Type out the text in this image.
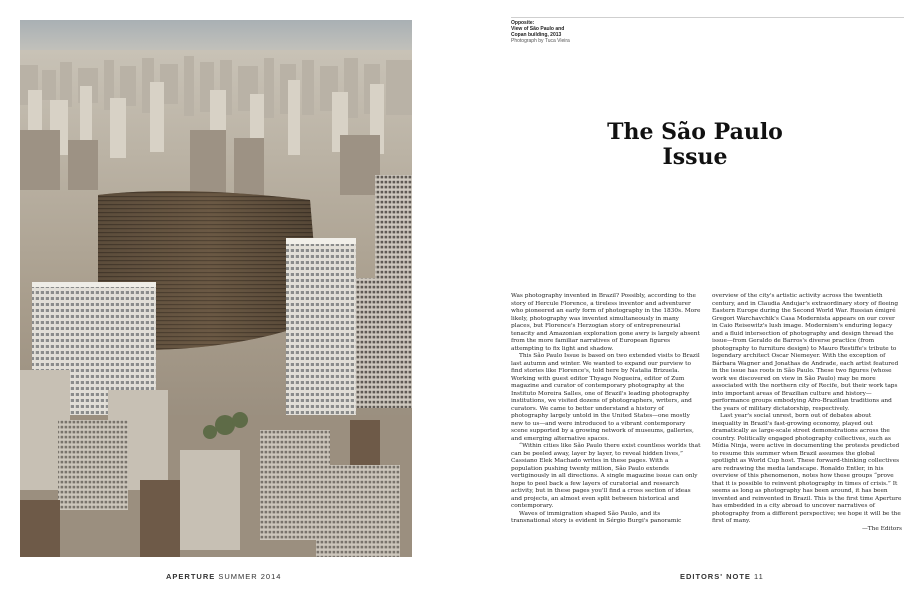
Opposite:
View of São Paulo and
Copan building, 2013
Photograph by Tuca Vieira
The São Paulo
Issue

Was photography invented in Brazil? Possibly, according to the story of Hercule Florence, a tireless inventor and adventurer who pioneered an early form of photography in the 1830s. More likely, photography was invented simultaneously in many places, but Florence's Herzogian story of entrepreneurial tenacity and Amazonian exploration gone awry is largely absent from the more familiar narratives of European figures attempting to fix light and shadow.

This São Paulo Issue is based on two extended visits to Brazil last autumn and winter. We wanted to expand our purview to find stories like Florence's, told here by Natalia Brizuela. Working with guest editor Thyago Nogueira, editor of Zum magazine and curator of contemporary photography at the Instituto Moreira Salles, one of Brazil's leading photography institutions, we visited dozens of photographers, writers, and curators. We came to better understand a history of photography largely untold in the United States—one mostly new to us—and were introduced to a vibrant contemporary scene supported by a growing network of museums, galleries, and emerging alternative spaces.

“Within cities like São Paulo there exist countless worlds that can be peeled away, layer by layer, to reveal hidden lives,” Cassiano Elek Machado writes in these pages. With a population pushing twenty million, São Paulo extends vertiginously in all directions. A single magazine issue can only hope to peel back a few layers of curatorial and research activity, but in these pages you'll find a cross section of ideas and projects, an almost even split between historical and contemporary.

Waves of immigration shaped São Paulo, and its transnational story is evident in Sérgio Burgi's panoramic

overview of the city's artistic activity across the twentieth century, and in Claudia Andujar's extraordinary story of fleeing Eastern Europe during the Second World War. Russian émigré Gregori Warchavchik's Casa Modernista appears on our cover in Caio Reisewitz's lush image. Modernism's enduring legacy and a fluid intersection of photography and design thread the issue—from Geraldo de Barros's diverse practice (from photography to furniture design) to Mauro Restiffe's tribute to legendary architect Oscar Niemeyer. With the exception of Bárbara Wagner and Jonathas de Andrade, each artist featured in the issue has roots in São Paulo. These two figures (whose work we discovered on view in São Paulo) may be more associated with the northern city of Recife, but their work taps into important areas of Brazilian culture and history—performance groups embodying Afro-Brazilian traditions and the years of military dictatorship, respectively.

Last year's social unrest, born out of debates about inequality in Brazil's fast-growing economy, played out dramatically as large-scale street demonstrations across the country. Politically engaged photography collectives, such as Mídia Ninja, were active in documenting the protests predicted to resume this summer when Brazil assumes the global spotlight as World Cup host. These forward-thinking collectives are redrawing the media landscape. Ronaldo Entler, in his overview of this phenomenon, notes how these groups “prove that it is possible to reinvent photography in times of crisis.” It seems as long as photography has been around, it has been invented and reinvented in Brazil. This is the first time Aperture has embedded in a city abroad to uncover narratives of photography from a different perspective; we hope it will be the first of many.

—The Editors

APERTURE SUMMER 2014	EDITORS' NOTE 11
